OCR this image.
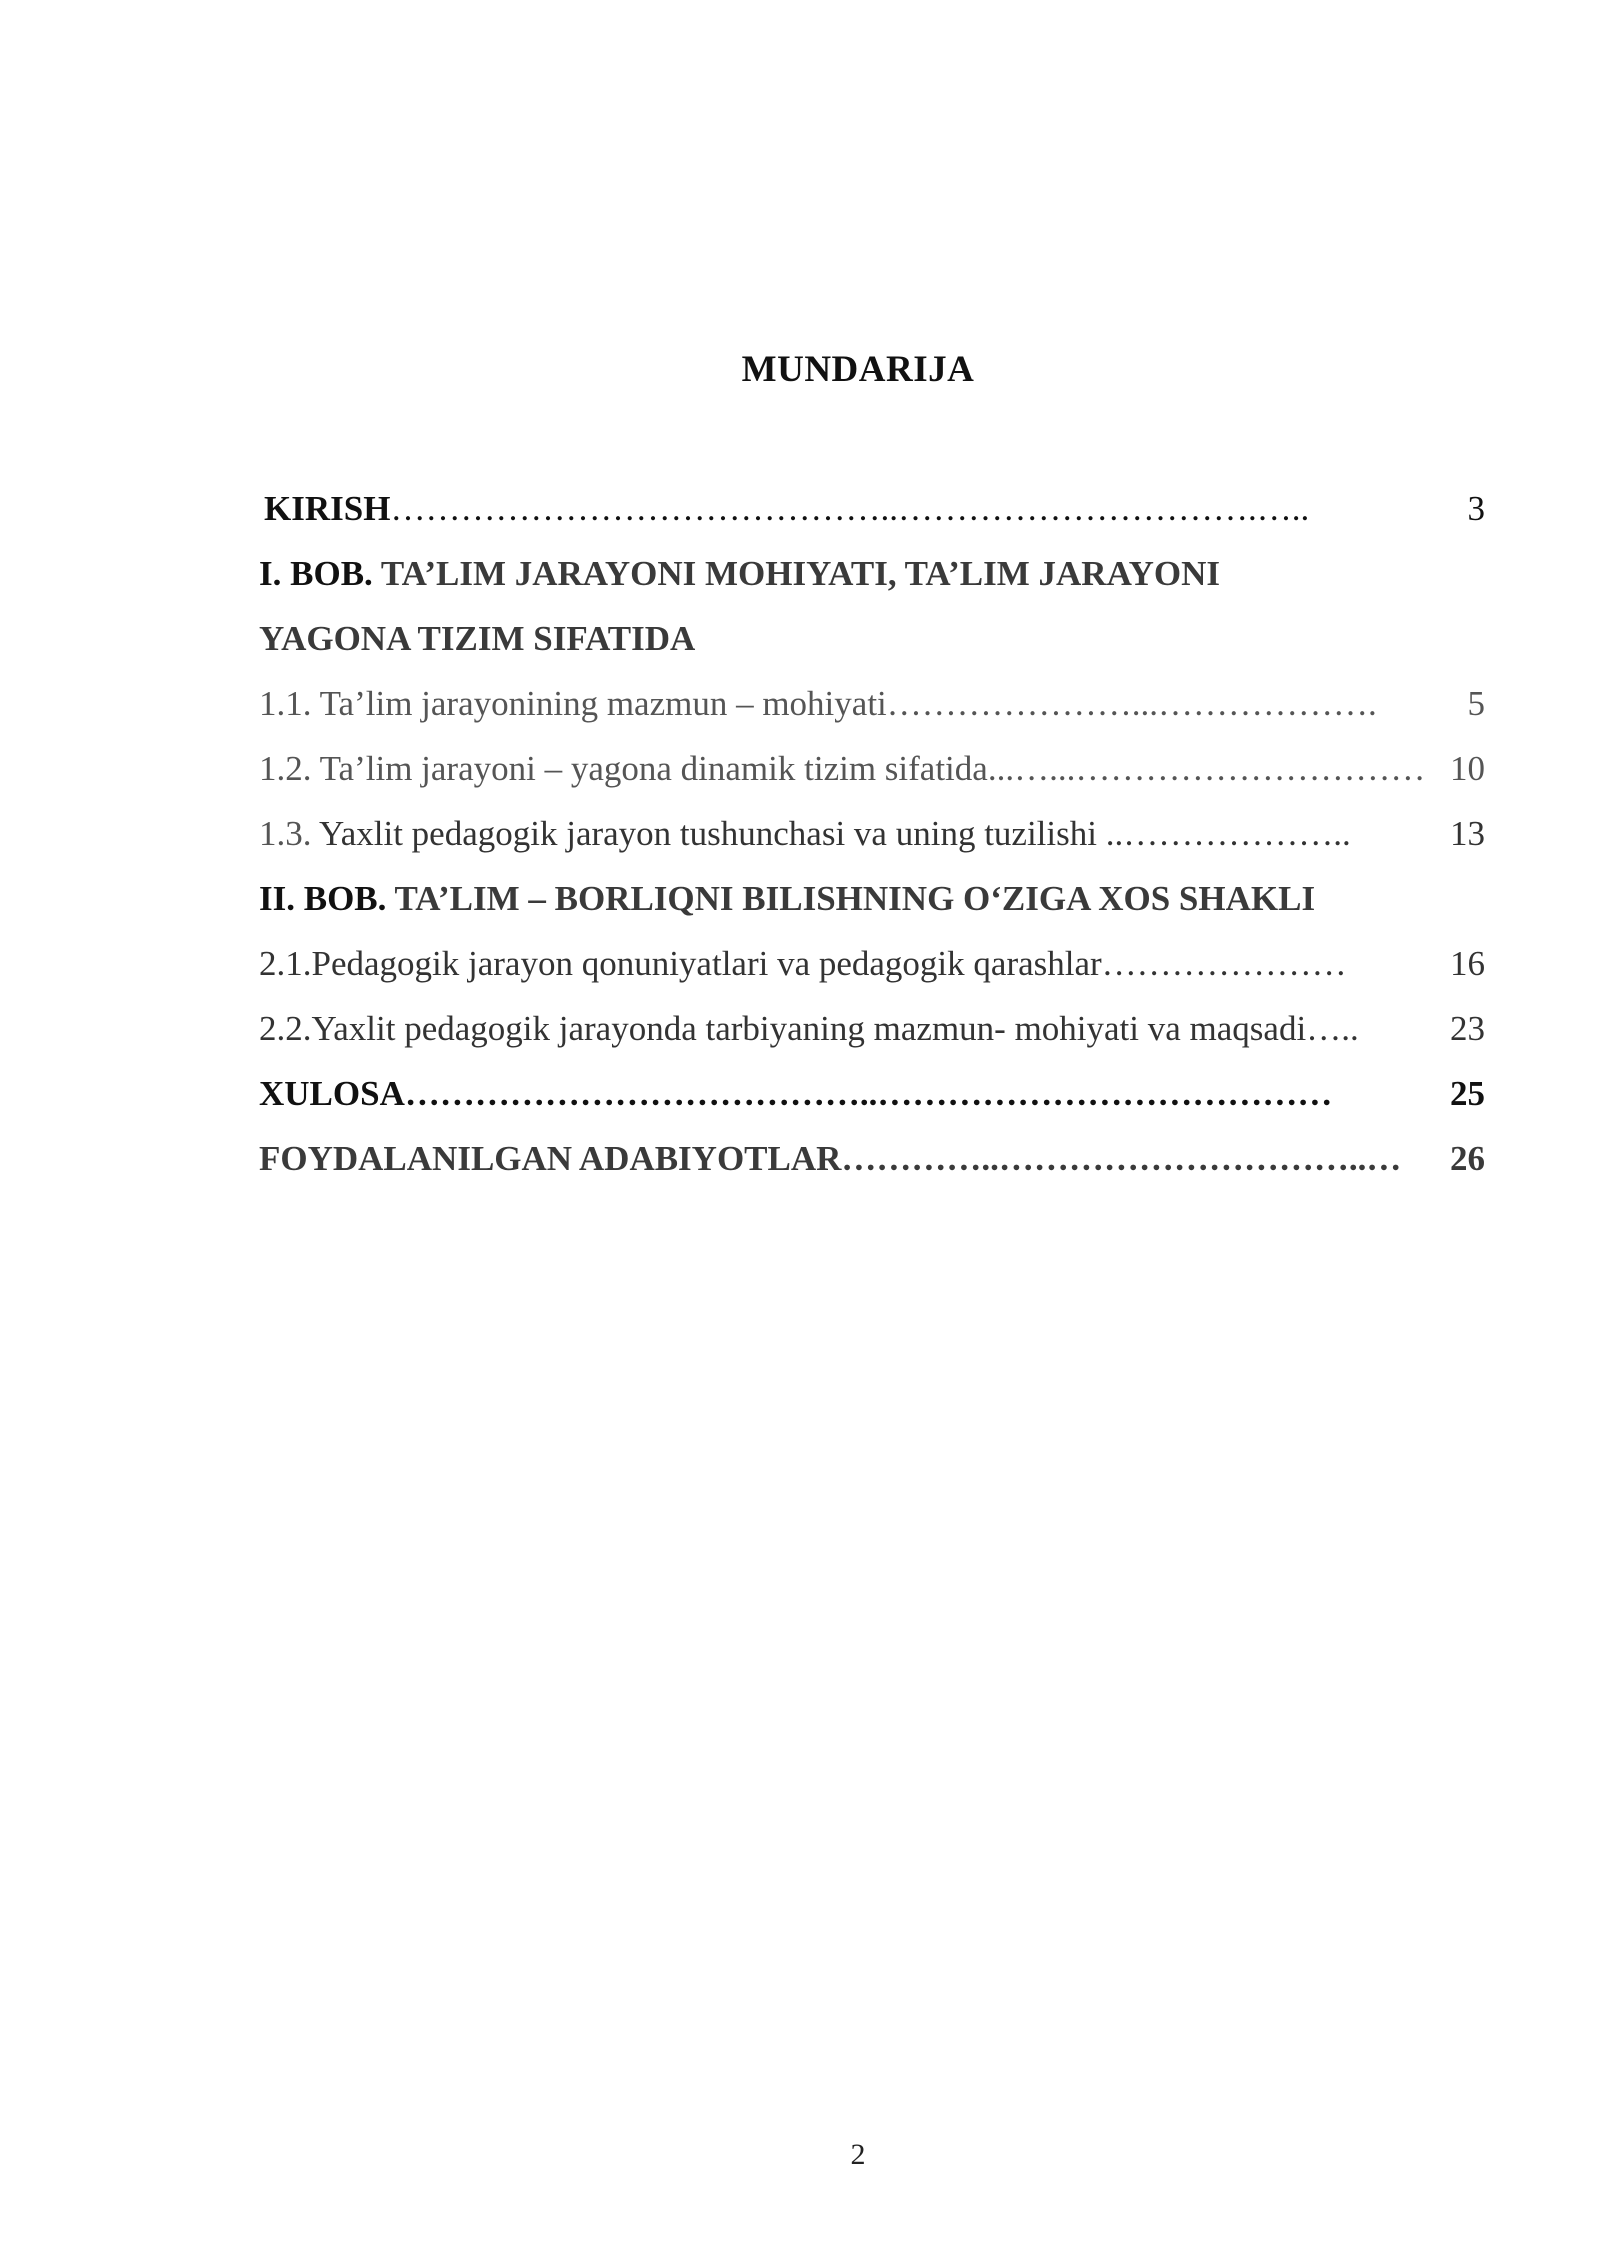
MUNDARIJA
KIRISH……………………………………..………………………….…..	3
I. BOB. TA’LIM JARAYONI MOHIYATI, TA’LIM JARAYONI
YAGONA TIZIM SIFATIDA
1.1. Ta’lim jarayonining mazmun – mohiyati…………………...……………….	5
1.2. Ta’lim jarayoni – yagona dinamik tizim sifatida...…...………………………… 10
1.3. Yaxlit pedagogik jarayon tushunchasi va uning tuzilishi ..………………..	13
II. BOB. TA’LIM – BORLIQNI BILISHNING O‘ZIGA XOS SHAKLI
2.1.Pedagogik jarayon qonuniyatlari va pedagogik qarashlar…………………	16
2.2.Yaxlit pedagogik jarayonda tarbiyaning mazmun- mohiyati va maqsadi…..	23
XULOSA…………………………………..…………………………………	25
FOYDALANILGAN ADABIYOTLAR…………..…………………………..… 26
2
